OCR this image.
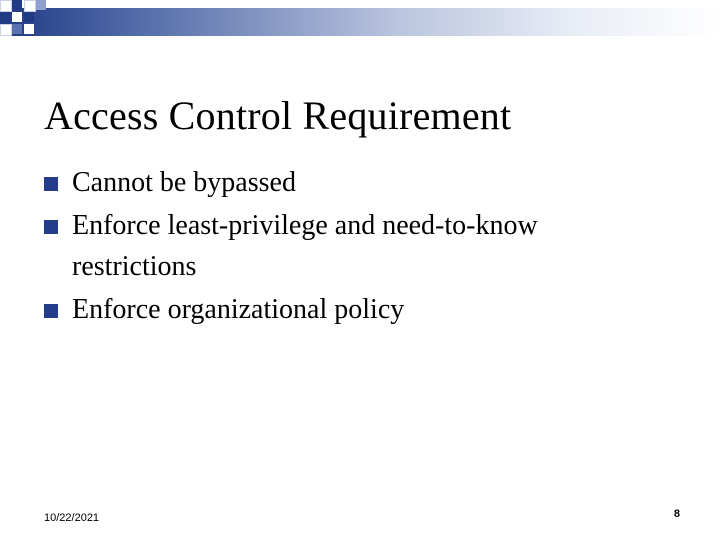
Access Control Requirement
Cannot be bypassed
Enforce least-privilege and need-to-know restrictions
Enforce organizational policy
10/22/2021	8
